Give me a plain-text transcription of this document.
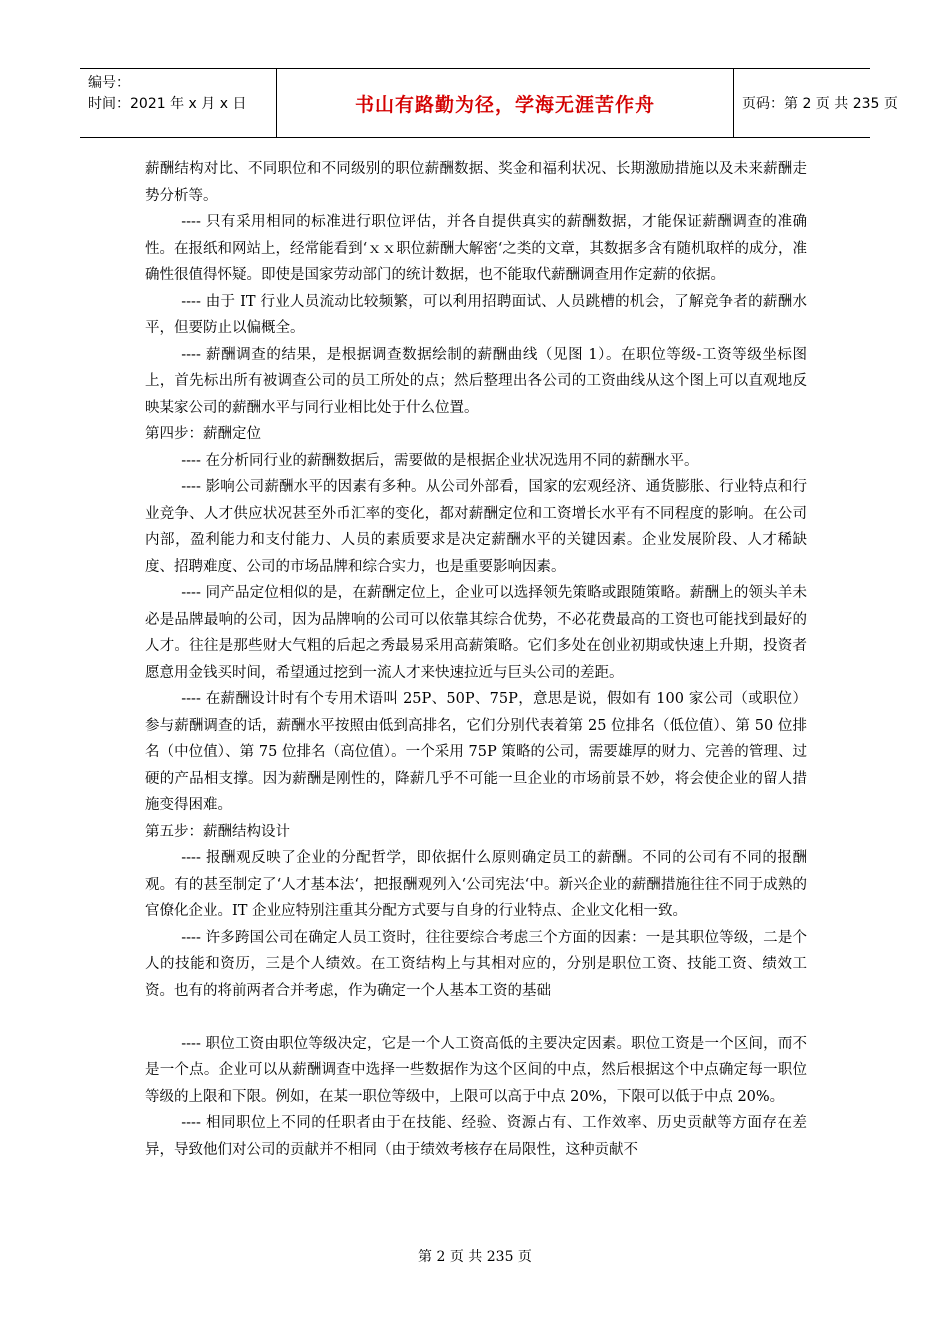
编号：
时间：2021 年 x 月 x 日	书山有路勤为径，学海无涯苦作舟	页码：第 2 页 共 235 页

薪酬结构对比、不同职位和不同级别的职位薪酬数据、奖金和福利状况、长期激励措施以及未来薪酬走势分析等。

---- 只有采用相同的标准进行职位评估，并各自提供真实的薪酬数据，才能保证薪酬调查的准确性。在报纸和网站上，经常能看到‘ｘｘ职位薪酬大解密‘之类的文章，其数据多含有随机取样的成分，准确性很值得怀疑。即使是国家劳动部门的统计数据，也不能取代薪酬调查用作定薪的依据。

---- 由于 IT 行业人员流动比较频繁，可以利用招聘面试、人员跳槽的机会，了解竞争者的薪酬水平，但要防止以偏概全。

---- 薪酬调查的结果，是根据调查数据绘制的薪酬曲线（见图 1）。在职位等级-工资等级坐标图上，首先标出所有被调查公司的员工所处的点；然后整理出各公司的工资曲线从这个图上可以直观地反映某家公司的薪酬水平与同行业相比处于什么位置。

第四步：薪酬定位

---- 在分析同行业的薪酬数据后，需要做的是根据企业状况选用不同的薪酬水平。

---- 影响公司薪酬水平的因素有多种。从公司外部看，国家的宏观经济、通货膨胀、行业特点和行业竞争、人才供应状况甚至外币汇率的变化，都对薪酬定位和工资增长水平有不同程度的影响。在公司内部，盈利能力和支付能力、人员的素质要求是决定薪酬水平的关键因素。企业发展阶段、人才稀缺度、招聘难度、公司的市场品牌和综合实力，也是重要影响因素。

---- 同产品定位相似的是，在薪酬定位上，企业可以选择领先策略或跟随策略。薪酬上的领头羊未必是品牌最响的公司，因为品牌响的公司可以依靠其综合优势，不必花费最高的工资也可能找到最好的人才。往往是那些财大气粗的后起之秀最易采用高薪策略。它们多处在创业初期或快速上升期，投资者愿意用金钱买时间，希望通过挖到一流人才来快速拉近与巨头公司的差距。

---- 在薪酬设计时有个专用术语叫 25P、50P、75P，意思是说，假如有 100 家公司（或职位）参与薪酬调查的话，薪酬水平按照由低到高排名，它们分别代表着第 25 位排名（低位值）、第 50 位排名（中位值）、第 75 位排名（高位值）。一个采用 75P 策略的公司，需要雄厚的财力、完善的管理、过硬的产品相支撑。因为薪酬是刚性的，降薪几乎不可能一旦企业的市场前景不妙，将会使企业的留人措施变得困难。

第五步：薪酬结构设计

---- 报酬观反映了企业的分配哲学，即依据什么原则确定员工的薪酬。不同的公司有不同的报酬观。有的甚至制定了‘人才基本法‘，把报酬观列入‘公司宪法‘中。新兴企业的薪酬措施往往不同于成熟的官僚化企业。IT 企业应特别注重其分配方式要与自身的行业特点、企业文化相一致。

---- 许多跨国公司在确定人员工资时，往往要综合考虑三个方面的因素：一是其职位等级，二是个人的技能和资历，三是个人绩效。在工资结构上与其相对应的，分别是职位工资、技能工资、绩效工资。也有的将前两者合并考虑，作为确定一个人基本工资的基础

---- 职位工资由职位等级决定，它是一个人工资高低的主要决定因素。职位工资是一个区间，而不是一个点。企业可以从薪酬调查中选择一些数据作为这个区间的中点，然后根据这个中点确定每一职位等级的上限和下限。例如，在某一职位等级中，上限可以高于中点 20%，下限可以低于中点 20%。

---- 相同职位上不同的任职者由于在技能、经验、资源占有、工作效率、历史贡献等方面存在差异，导致他们对公司的贡献并不相同（由于绩效考核存在局限性，这种贡献不

第 2 页 共 235 页
